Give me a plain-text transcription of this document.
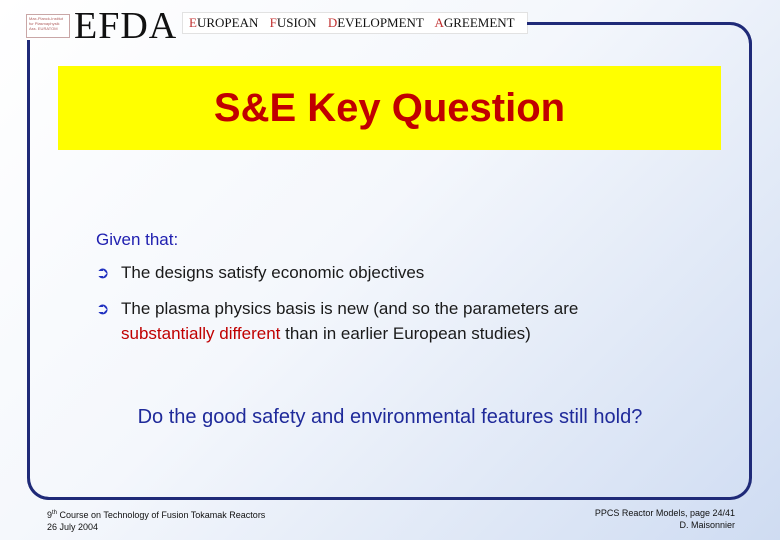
Max-Planck-Institut
fur Plasmaphysik
Ass. EURATOM EFDA EUROPEAN FUSION DEVELOPMENT AGREEMENT
S&E Key Question
Given that:
➲ The designs satisfy economic objectives
➲ The plasma physics basis is new (and so the parameters are
substantially different than in earlier European studies)
Do the good safety and environmental features still hold?
9th Course on Technology of Fusion Tokamak Reactors
26 July 2004
PPCS Reactor Models, page 24/41
D. Maisonnier
